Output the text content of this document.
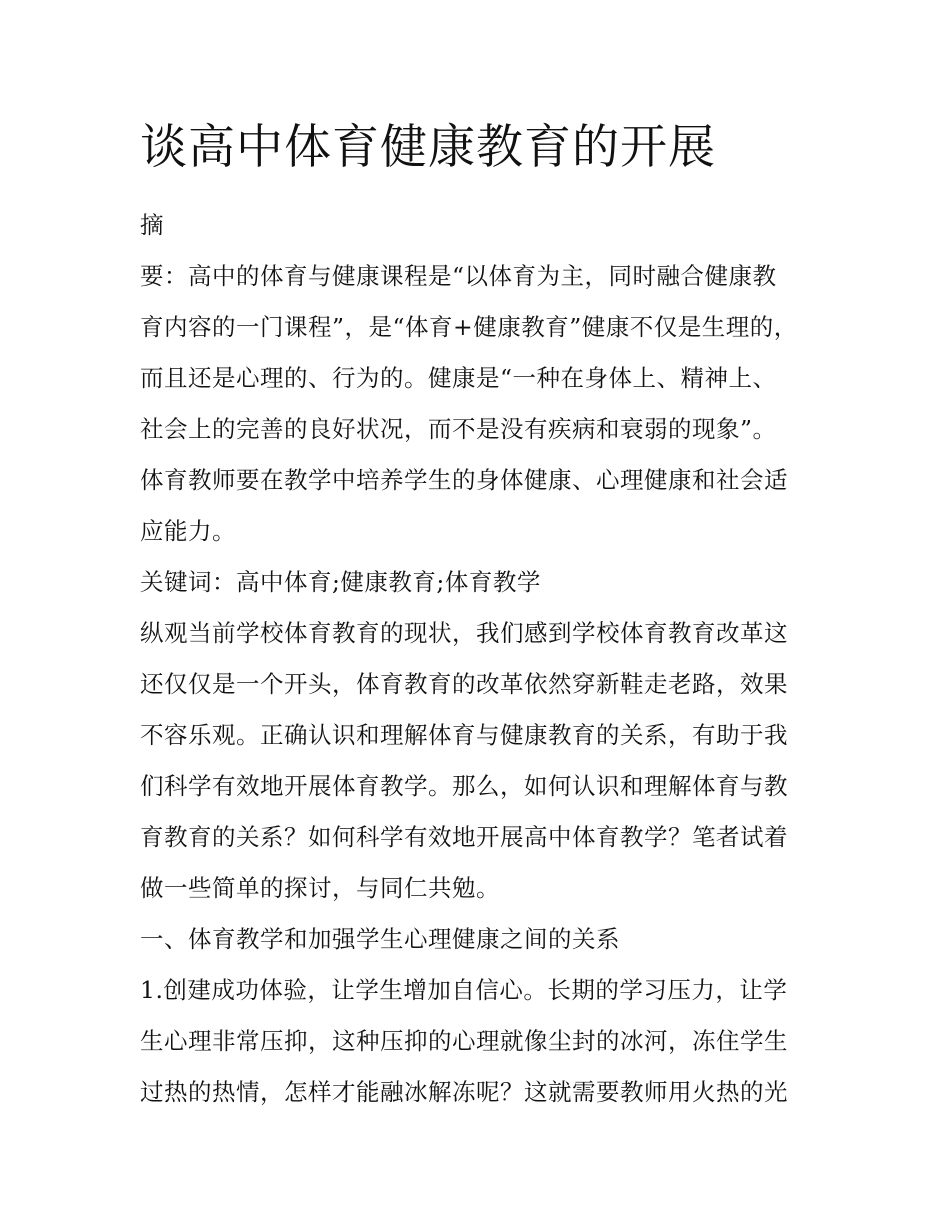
谈高中体育健康教育的开展
摘
要：高中的体育与健康课程是“以体育为主，同时融合健康教
育内容的一门课程”，是“体育+健康教育”健康不仅是生理的，
而且还是心理的、行为的。健康是“一种在身体上、精神上、
社会上的完善的良好状况，而不是没有疾病和衰弱的现象”。
体育教师要在教学中培养学生的身体健康、心理健康和社会适
应能力。
关键词：高中体育;健康教育;体育教学
纵观当前学校体育教育的现状，我们感到学校体育教育改革这
还仅仅是一个开头，体育教育的改革依然穿新鞋走老路，效果
不容乐观。正确认识和理解体育与健康教育的关系，有助于我
们科学有效地开展体育教学。那么，如何认识和理解体育与教
育教育的关系？如何科学有效地开展高中体育教学？笔者试着
做一些简单的探讨，与同仁共勉。
一、体育教学和加强学生心理健康之间的关系
1.创建成功体验，让学生增加自信心。长期的学习压力，让学
生心理非常压抑，这种压抑的心理就像尘封的冰河，冻住学生
过热的热情，怎样才能融冰解冻呢？这就需要教师用火热的光
